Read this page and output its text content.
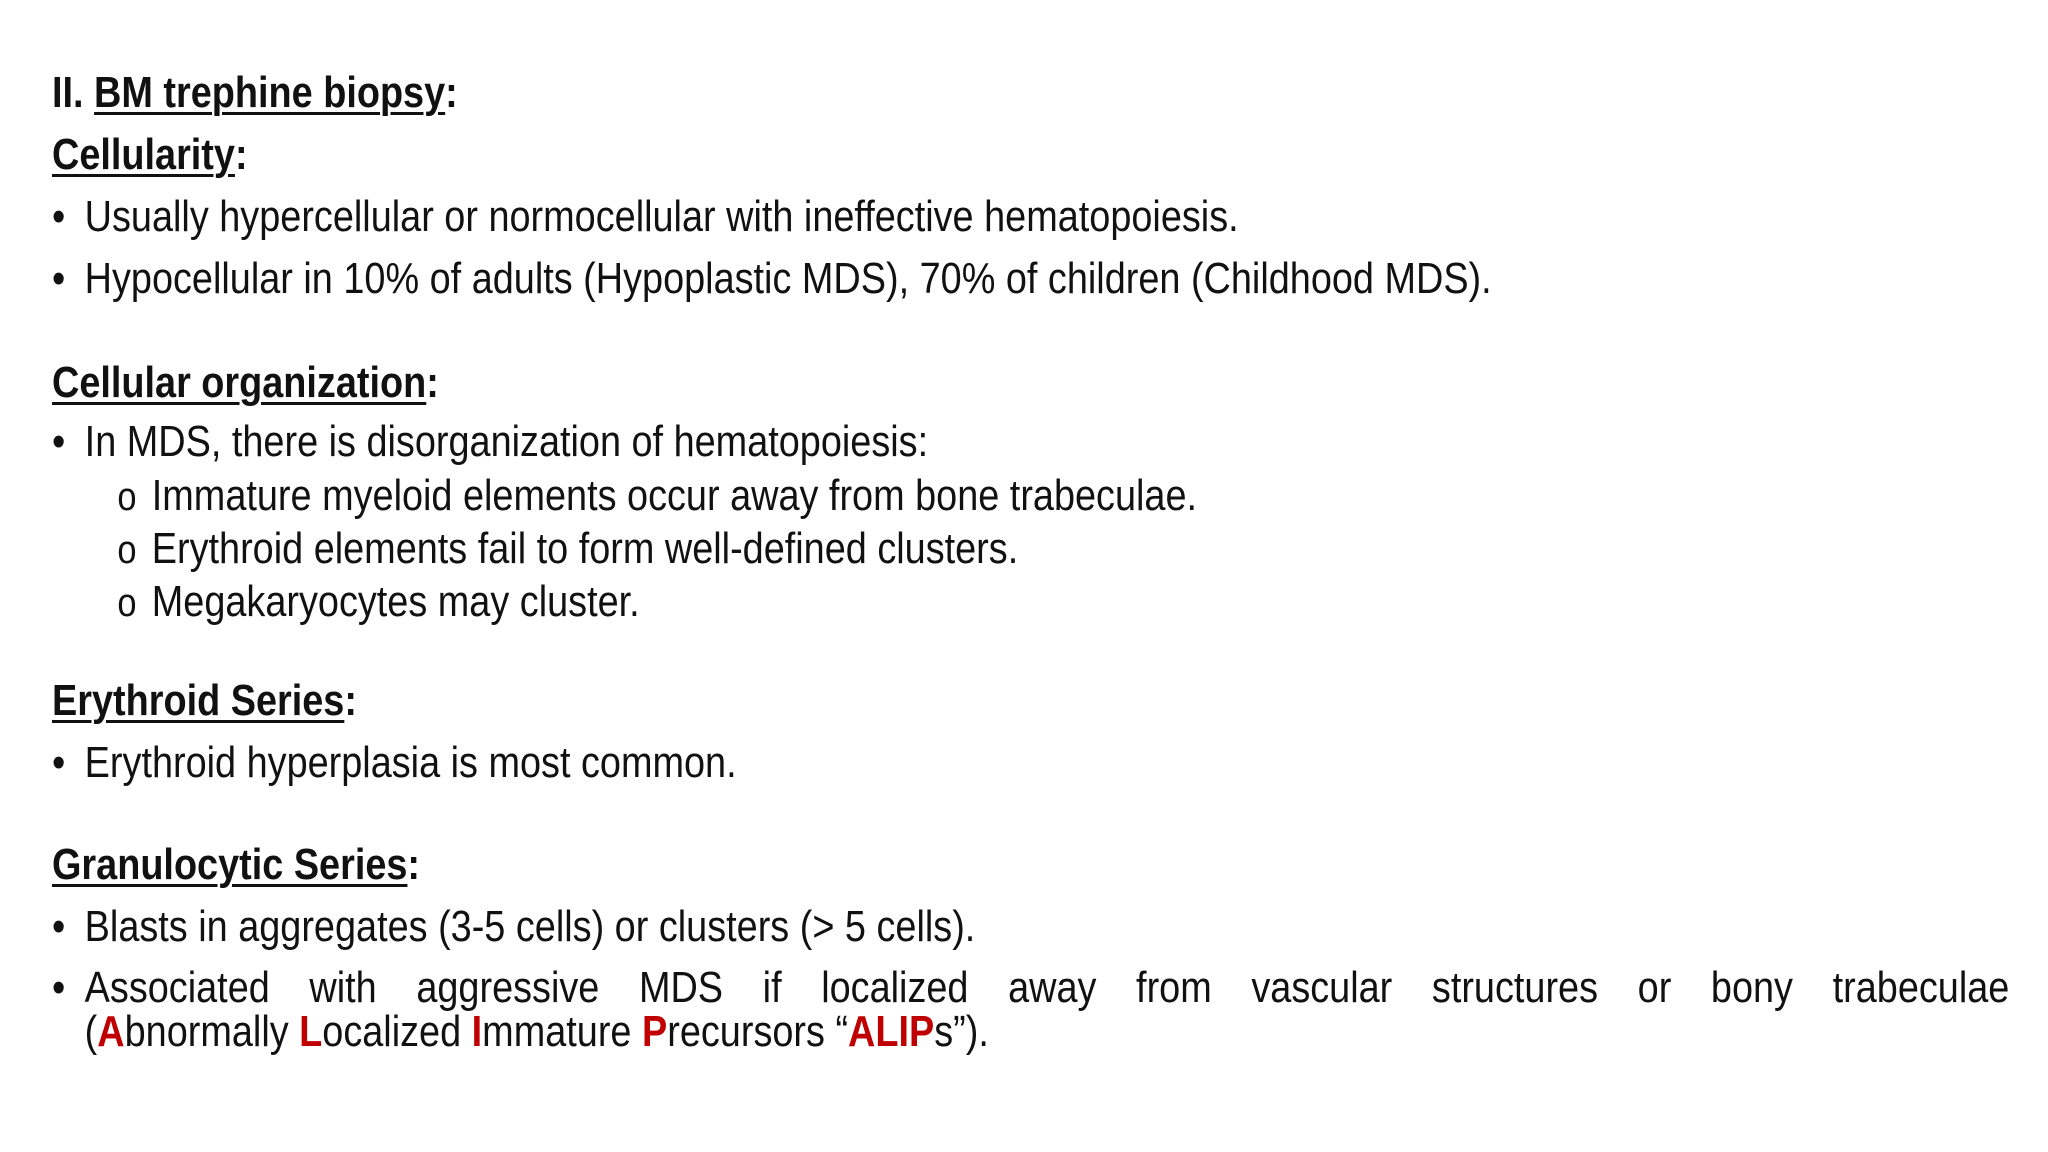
II. BM trephine biopsy:
Cellularity:
• Usually hypercellular or normocellular with ineffective hematopoiesis.
• Hypocellular in 10% of adults (Hypoplastic MDS), 70% of children (Childhood MDS).
Cellular organization:
• In MDS, there is disorganization of hematopoiesis:
o Immature myeloid elements occur away from bone trabeculae.
o Erythroid elements fail to form well-defined clusters.
o Megakaryocytes may cluster.
Erythroid Series:
• Erythroid hyperplasia is most common.
Granulocytic Series:
• Blasts in aggregates (3-5 cells) or clusters (> 5 cells).
• Associated with aggressive MDS if localized away from vascular structures or bony trabeculae
(Abnormally Localized Immature Precursors “ALIPs”).
